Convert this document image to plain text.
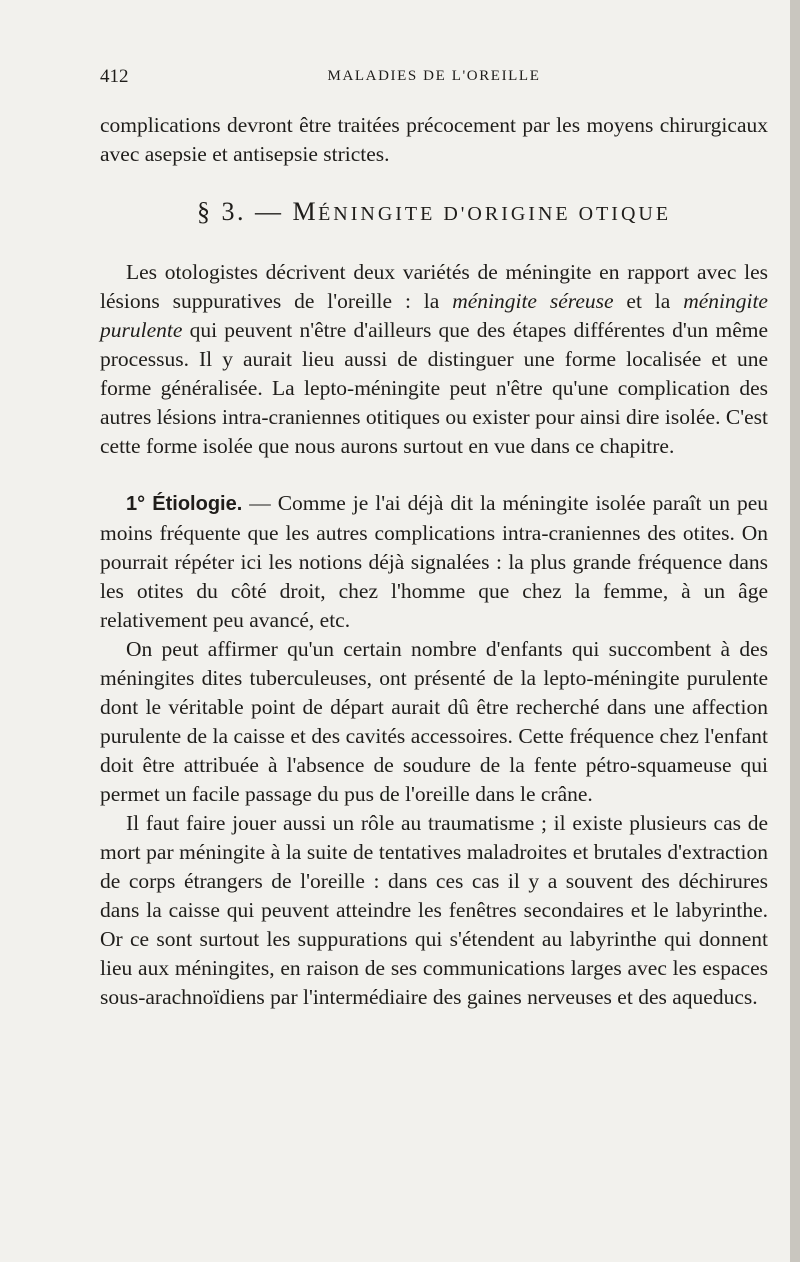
412	MALADIES DE L'OREILLE

complications devront être traitées précocement par les moyens chirurgicaux avec asepsie et antisepsie strictes.

§ 3. — MÉNINGITE D'ORIGINE OTIQUE

Les otologistes décrivent deux variétés de méningite en rapport avec les lésions suppuratives de l'oreille : la méningite séreuse et la méningite purulente qui peuvent n'être d'ailleurs que des étapes différentes d'un même processus. Il y aurait lieu aussi de distinguer une forme localisée et une forme généralisée. La lepto-méningite peut n'être qu'une complication des autres lésions intra-craniennes otitiques ou exister pour ainsi dire isolée. C'est cette forme isolée que nous aurons surtout en vue dans ce chapitre.

1° Étiologie. — Comme je l'ai déjà dit la méningite isolée paraît un peu moins fréquente que les autres complications intra-craniennes des otites. On pourrait répéter ici les notions déjà signalées : la plus grande fréquence dans les otites du côté droit, chez l'homme que chez la femme, à un âge relativement peu avancé, etc.

On peut affirmer qu'un certain nombre d'enfants qui succombent à des méningites dites tuberculeuses, ont présenté de la lepto-méningite purulente dont le véritable point de départ aurait dû être recherché dans une affection purulente de la caisse et des cavités accessoires. Cette fréquence chez l'enfant doit être attribuée à l'absence de soudure de la fente pétro-squameuse qui permet un facile passage du pus de l'oreille dans le crâne.

Il faut faire jouer aussi un rôle au traumatisme ; il existe plusieurs cas de mort par méningite à la suite de tentatives maladroites et brutales d'extraction de corps étrangers de l'oreille : dans ces cas il y a souvent des déchirures dans la caisse qui peuvent atteindre les fenêtres secondaires et le labyrinthe. Or ce sont surtout les suppurations qui s'étendent au labyrinthe qui donnent lieu aux méningites, en raison de ses communications larges avec les espaces sous-arachnoïdiens par l'intermédiaire des gaines nerveuses et des aqueducs.
